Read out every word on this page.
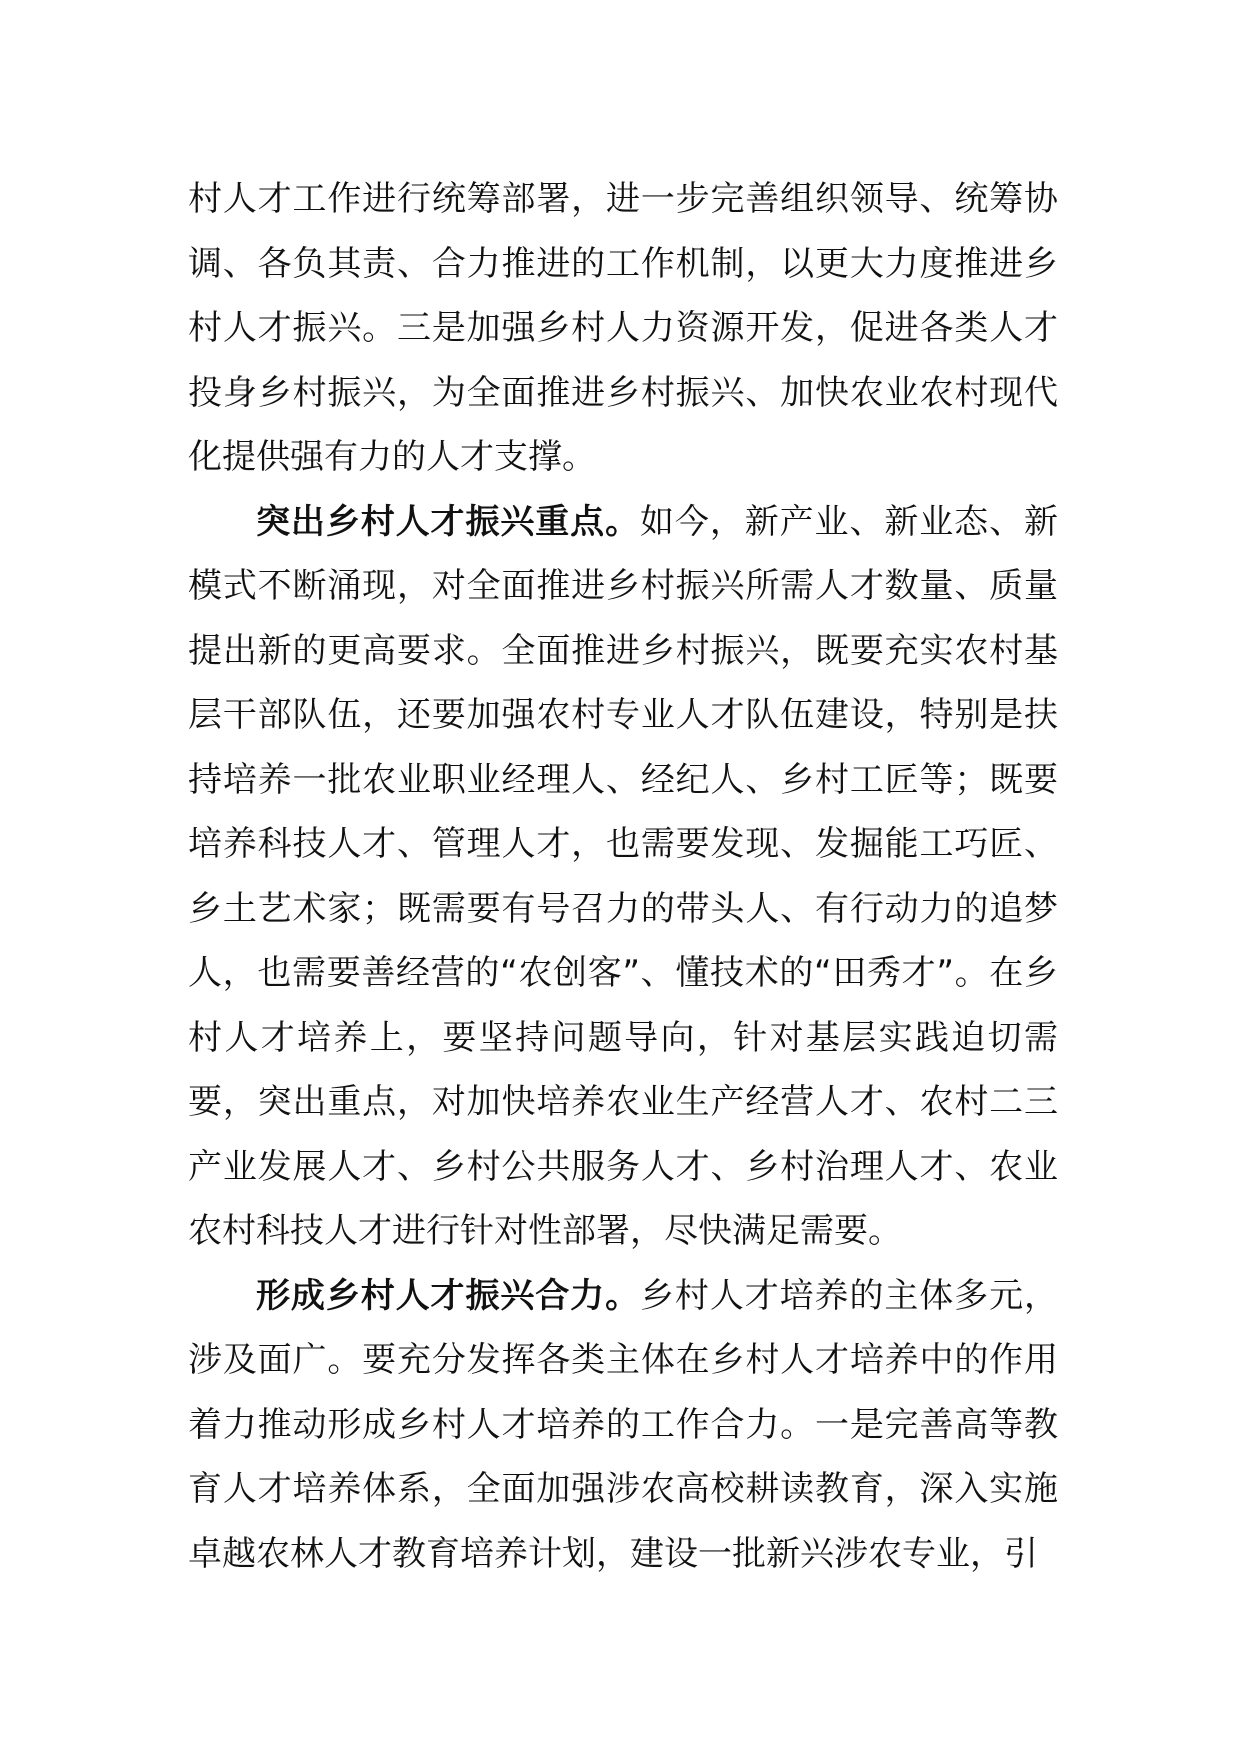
村人才工作进行统筹部署，进一步完善组织领导、统筹协调、各负其责、合力推进的工作机制，以更大力度推进乡村人才振兴。三是加强乡村人力资源开发，促进各类人才投身乡村振兴，为全面推进乡村振兴、加快农业农村现代化提供强有力的人才支撑。

突出乡村人才振兴重点。如今，新产业、新业态、新模式不断涌现，对全面推进乡村振兴所需人才数量、质量提出新的更高要求。全面推进乡村振兴，既要充实农村基层干部队伍，还要加强农村专业人才队伍建设，特别是扶持培养一批农业职业经理人、经纪人、乡村工匠等；既要培养科技人才、管理人才，也需要发现、发掘能工巧匠、乡土艺术家；既需要有号召力的带头人、有行动力的追梦人，也需要善经营的“农创客”、懂技术的“田秀才”。在乡村人才培养上，要坚持问题导向，针对基层实践迫切需要，突出重点，对加快培养农业生产经营人才、农村二三产业发展人才、乡村公共服务人才、乡村治理人才、农业农村科技人才进行针对性部署，尽快满足需要。

形成乡村人才振兴合力。乡村人才培养的主体多元，涉及面广。要充分发挥各类主体在乡村人才培养中的作用着力推动形成乡村人才培养的工作合力。一是完善高等教育人才培养体系，全面加强涉农高校耕读教育，深入实施卓越农林人才教育培养计划，建设一批新兴涉农专业，引
